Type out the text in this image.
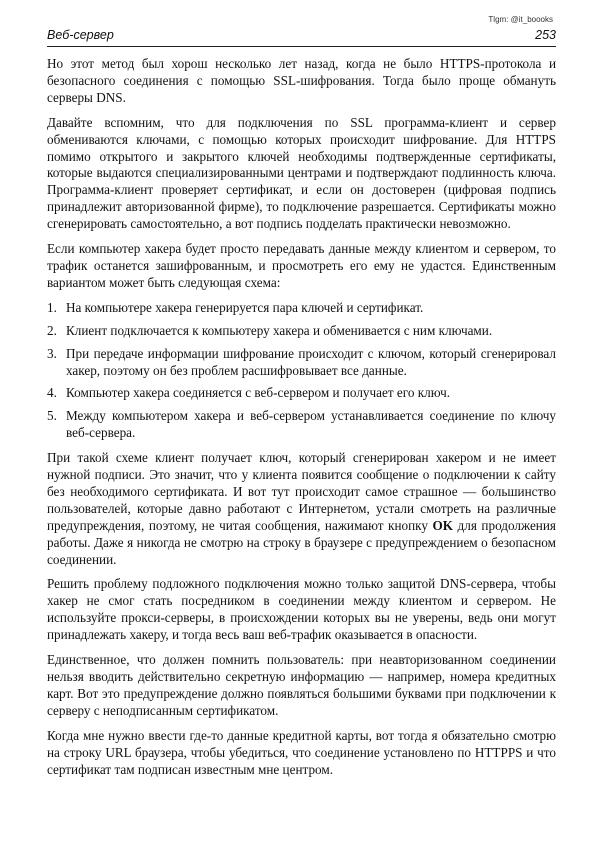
Tlgm: @it_boooks
Веб-сервер	253

Но этот метод был хорош несколько лет назад, когда не было HTTPS-протокола и безопасного соединения с помощью SSL-шифрования. Тогда было проще обмануть серверы DNS.

Давайте вспомним, что для подключения по SSL программа-клиент и сервер обмениваются ключами, с помощью которых происходит шифрование. Для HTTPS помимо открытого и закрытого ключей необходимы подтвержденные сертификаты, которые выдаются специализированными центрами и подтверждают подлинность ключа. Программа-клиент проверяет сертификат, и если он достоверен (цифровая подпись принадлежит авторизованной фирме), то подключение разрешается. Сертификаты можно сгенерировать самостоятельно, а вот подпись подделать практически невозможно.

Если компьютер хакера будет просто передавать данные между клиентом и сервером, то трафик останется зашифрованным, и просмотреть его ему не удастся. Единственным вариантом может быть следующая схема:

1. На компьютере хакера генерируется пара ключей и сертификат.
2. Клиент подключается к компьютеру хакера и обменивается с ним ключами.
3. При передаче информации шифрование происходит с ключом, который сгенерировал хакер, поэтому он без проблем расшифровывает все данные.
4. Компьютер хакера соединяется с веб-сервером и получает его ключ.
5. Между компьютером хакера и веб-сервером устанавливается соединение по ключу веб-сервера.

При такой схеме клиент получает ключ, который сгенерирован хакером и не имеет нужной подписи. Это значит, что у клиента появится сообщение о подключении к сайту без необходимого сертификата. И вот тут происходит самое страшное — большинство пользователей, которые давно работают с Интернетом, устали смотреть на различные предупреждения, поэтому, не читая сообщения, нажимают кнопку OK для продолжения работы. Даже я никогда не смотрю на строку в браузере с предупреждением о безопасном соединении.

Решить проблему подложного подключения можно только защитой DNS-сервера, чтобы хакер не смог стать посредником в соединении между клиентом и сервером. Не используйте прокси-серверы, в происхождении которых вы не уверены, ведь они могут принадлежать хакеру, и тогда весь ваш веб-трафик оказывается в опасности.

Единственное, что должен помнить пользователь: при неавторизованном соединении нельзя вводить действительно секретную информацию — например, номера кредитных карт. Вот это предупреждение должно появляться большими буквами при подключении к серверу с неподписанным сертификатом.

Когда мне нужно ввести где-то данные кредитной карты, вот тогда я обязательно смотрю на строку URL браузера, чтобы убедиться, что соединение установлено по HTTPPS и что сертификат там подписан известным мне центром.
